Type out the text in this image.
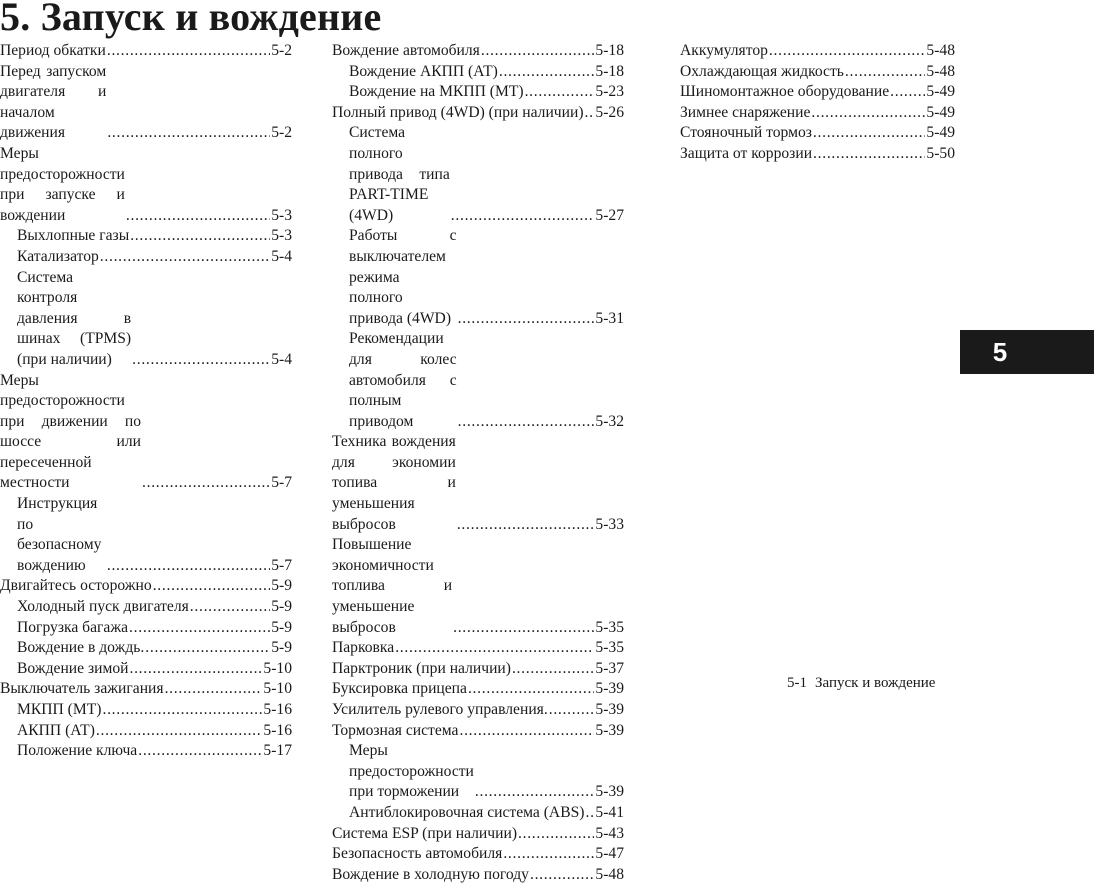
5. Запуск и вождение
Период обкатки . . .	5-2
Перед запуском двигателя и началом движения . . .	5-2
Меры предосторожности при запуске и вождении . . .	5-3
Выхлопные газы . . .	5-3
Катализатор . . .	5-4
Система контроля давления в шинах (TPMS) (при наличии) . . .	5-4
Меры предосторожности при движении по шоссе или пересеченной местности . . .	5-7
Инструкция по безопасному вождению . . .	5-7
Двигайтесь осторожно . . .	5-9
Холодный пуск двигателя . . .	5-9
Погрузка багажа . . .	5-9
Вождение в дождь. . . .	5-9
Вождение зимой . . .	5-10
Выключатель зажигания . . .	5-10
МКПП (МТ) . . .	5-16
АКПП (АТ) . . .	5-16
Положение ключа . . .	5-17
Вождение автомобиля . . .	5-18
Вождение АКПП (АТ) . . .	5-18
Вождение на МКПП (МТ) . . .	5-23
Полный привод (4WD) (при наличии) . . . 5-26
Система полного привода типа PART-TIME (4WD) . . .	5-27
Работы с выключателем режима полного привода (4WD) . . .	5-31
Рекомендации для колес автомобиля с полным приводом . . .	5-32
Техника вождения для экономии топива и уменьшения выбросов . . .	5-33
Повышение экономичности топлива и уменьшение выбросов . . .	5-35
Парковка . . .	5-35
Парктроник (при наличии) . . .	5-37
Буксировка прицепа . . .	5-39
Усилитель рулевого управления. . . .	5-39
Тормозная система . . .	5-39
Меры предосторожности при торможении . . .	5-39
Антиблокировочная система (ABS) . . . 5-41
Система ESP (при наличии) . . .	5-43
Безопасность автомобиля . . .	5-47
Вождение в холодную погоду . . .	5-48
Аккумулятор . . .	5-48
Охлаждающая жидкость . . .	5-48
Шиномонтажное оборудование . . . 5-49
Зимнее снаряжение . . .	5-49
Стояночный тормоз . . .	5-49
Защита от коррозии . . .	5-50
5
5-1 Запуск и вождение
